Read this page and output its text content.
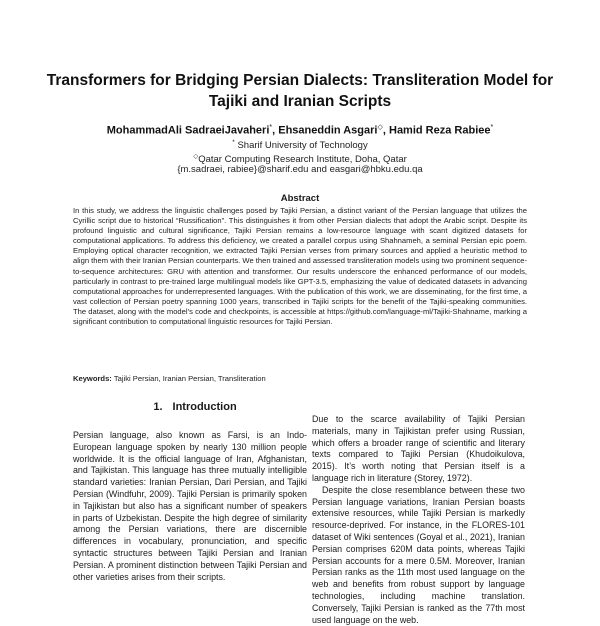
Transformers for Bridging Persian Dialects: Transliteration Model for Tajiki and Iranian Scripts
MohammadAli SadraeiJavaheri*, Ehsaneddin Asgari◇, Hamid Reza Rabiee*
* Sharif University of Technology
◇Qatar Computing Research Institute, Doha, Qatar
{m.sadraei, rabiee}@sharif.edu and easgari@hbku.edu.qa
Abstract
In this study, we address the linguistic challenges posed by Tajiki Persian, a distinct variant of the Persian language that utilizes the Cyrillic script due to historical “Russification”. This distinguishes it from other Persian dialects that adopt the Arabic script. Despite its profound linguistic and cultural significance, Tajiki Persian remains a low-resource language with scant digitized datasets for computational applications. To address this deficiency, we created a parallel corpus using Shahnameh, a seminal Persian epic poem. Employing optical character recognition, we extracted Tajiki Persian verses from primary sources and applied a heuristic method to align them with their Iranian Persian counterparts. We then trained and assessed transliteration models using two prominent sequence-to-sequence architectures: GRU with attention and transformer. Our results underscore the enhanced performance of our models, particularly in contrast to pre-trained large multilingual models like GPT-3.5, emphasizing the value of dedicated datasets in advancing computational approaches for underrepresented languages. With the publication of this work, we are disseminating, for the first time, a vast collection of Persian poetry spanning 1000 years, transcribed in Tajiki scripts for the benefit of the Tajiki-speaking communities. The dataset, along with the model’s code and checkpoints, is accessible at https://github.com/language-ml/Tajiki-Shahname, marking a significant contribution to computational linguistic resources for Tajiki Persian.
Keywords: Tajiki Persian, Iranian Persian, Transliteration
1. Introduction

Persian language, also known as Farsi, is an Indo-European language spoken by nearly 130 million people worldwide. It is the official language of Iran, Afghanistan, and Tajikistan. This language has three mutually intelligible standard varieties: Iranian Persian, Dari Persian, and Tajiki Persian (Windfuhr, 2009). Tajiki Persian is primarily spoken in Tajikistan but also has a significant number of speakers in parts of Uzbekistan. Despite the high degree of similarity among the Persian variations, there are discernible differences in vocabulary, pronunciation, and specific syntactic structures between Tajiki Persian and Iranian Persian. A prominent distinction between Tajiki Persian and other varieties arises from their scripts.

Due to the scarce availability of Tajiki Persian materials, many in Tajikistan prefer using Russian, which offers a broader range of scientific and literary texts compared to Tajiki Persian (Khudoikulova, 2015). It’s worth noting that Persian itself is a language rich in literature (Storey, 1972).

Despite the close resemblance between these two Persian language variations, Iranian Persian boasts extensive resources, while Tajiki Persian is markedly resource-deprived. For instance, in the FLORES-101 dataset of Wiki sentences (Goyal et al., 2021), Iranian Persian comprises 620M data points, whereas Tajiki Persian accounts for a mere 0.5M. Moreover, Iranian Persian ranks as the 11th most used language on the web and benefits from robust support by language technologies, including machine translation. Conversely, Tajiki Persian is ranked as the 77th most used language on the web.
